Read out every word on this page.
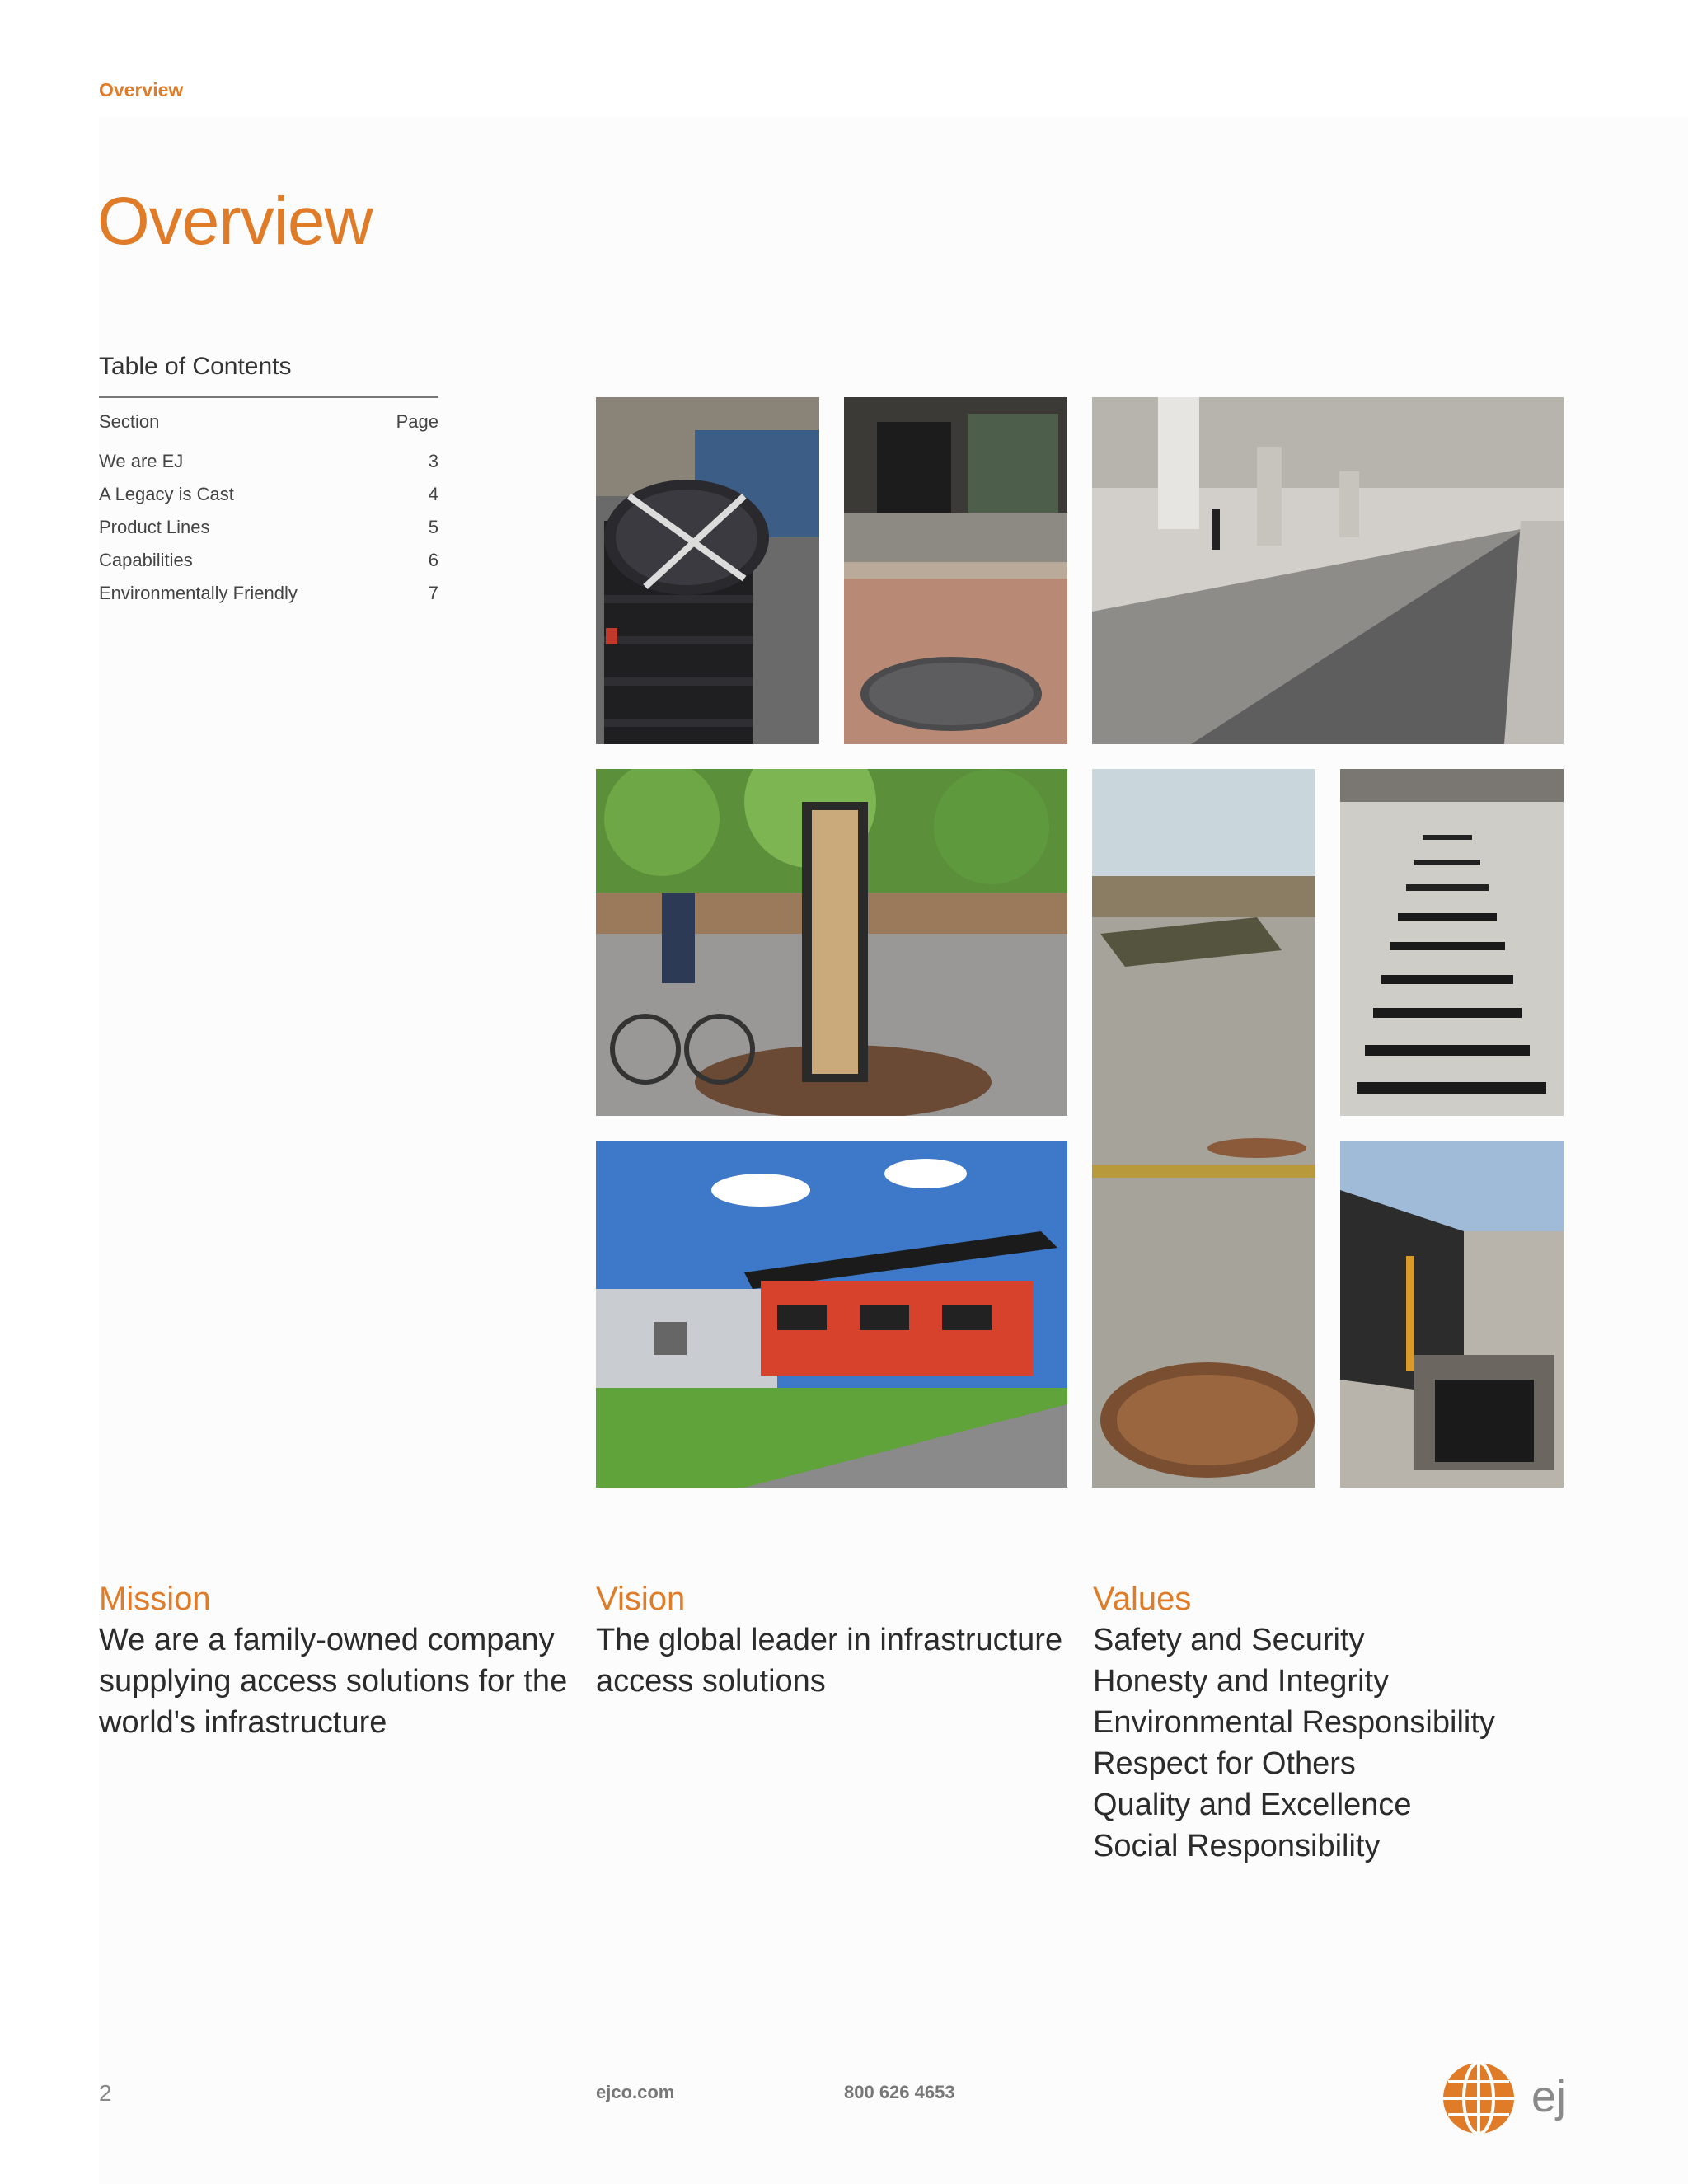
Overview
Overview
Table of Contents
Section	Page
We are EJ	3
A Legacy is Cast	4
Product Lines	5
Capabilities	6
Environmentally Friendly	7
Mission
We are a family-owned company
supplying access solutions for the
world's infrastructure
Vision
The global leader in infrastructure
access solutions
Values
Safety and Security
Honesty and Integrity
Environmental Responsibility
Respect for Others
Quality and Excellence
Social Responsibility
2	ejco.com	800 626 4653	ej
